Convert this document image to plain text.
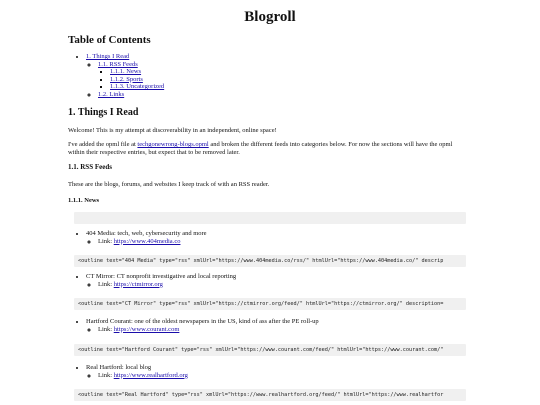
Blogroll
Table of Contents
• 1. Things I Read
◦ 1.1. RSS Feeds
▪ 1.1.1. News
▪ 1.1.2. Sports
▪ 1.1.3. Uncategorized
◦ 1.2. Links
1. Things I Read

Welcome! This is my attempt at discoverability in an independent, online space!

I've added the opml file at techgonewrong-blogs.opml and broken the different feeds into categories below. For now the sections will have the opml within their respective entries, but expect that to be removed later.

1.1. RSS Feeds

These are the blogs, forums, and websites I keep track of with an RSS reader.

1.1.1. News
• 404 Media: tech, web, cybersecurity and more
◦ Link: https://www.404media.co
<outline text="404 Media" type="rss" xmlUrl="https://www.404media.co/rss/" htmlUrl="https://www.404media.co/" descrip
• CT Mirror: CT nonprofit investigative and local reporting
◦ Link: https://ctmirror.org
<outline text="CT Mirror" type="rss" xmlUrl="https://ctmirror.org/feed/" htmlUrl="https://ctmirror.org/" description=
• Hartford Courant: one of the oldest newspapers in the US, kind of ass after the PE roll-up
◦ Link: https://www.courant.com
<outline text="Hartford Courant" type="rss" xmlUrl="https://www.courant.com/feed/" htmlUrl="https://www.courant.com/"
• Real Hartford: local blog
◦ Link: https://www.realhartford.org
<outline text="Real Hartford" type="rss" xmlUrl="https://www.realhartford.org/feed/" htmlUrl="https://www.realhartfor
